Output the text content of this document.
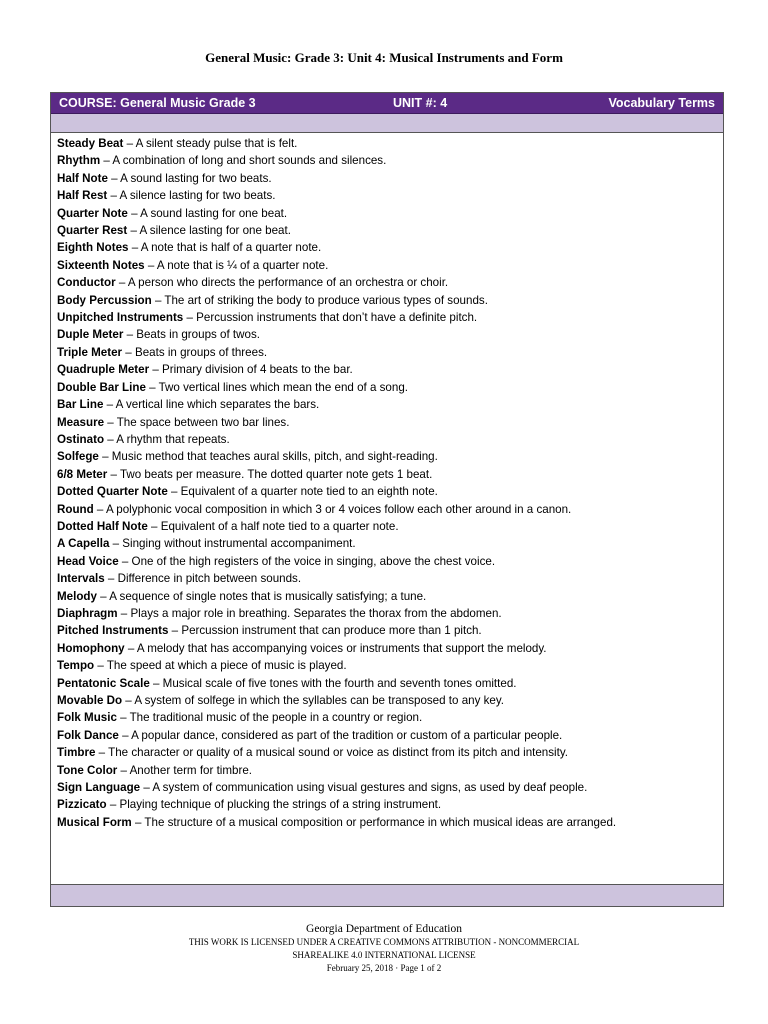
General Music: Grade 3: Unit 4: Musical Instruments and Form
COURSE: General Music Grade 3	UNIT #: 4	Vocabulary Terms
Steady Beat – A silent steady pulse that is felt.
Rhythm – A combination of long and short sounds and silences.
Half Note – A sound lasting for two beats.
Half Rest – A silence lasting for two beats.
Quarter Note – A sound lasting for one beat.
Quarter Rest – A silence lasting for one beat.
Eighth Notes – A note that is half of a quarter note.
Sixteenth Notes – A note that is ¼ of a quarter note.
Conductor – A person who directs the performance of an orchestra or choir.
Body Percussion – The art of striking the body to produce various types of sounds.
Unpitched Instruments – Percussion instruments that don’t have a definite pitch.
Duple Meter – Beats in groups of twos.
Triple Meter – Beats in groups of threes.
Quadruple Meter – Primary division of 4 beats to the bar.
Double Bar Line – Two vertical lines which mean the end of a song.
Bar Line – A vertical line which separates the bars.
Measure – The space between two bar lines.
Ostinato – A rhythm that repeats.
Solfege – Music method that teaches aural skills, pitch, and sight-reading.
6/8 Meter – Two beats per measure. The dotted quarter note gets 1 beat.
Dotted Quarter Note – Equivalent of a quarter note tied to an eighth note.
Round – A polyphonic vocal composition in which 3 or 4 voices follow each other around in a canon.
Dotted Half Note – Equivalent of a half note tied to a quarter note.
A Capella – Singing without instrumental accompaniment.
Head Voice – One of the high registers of the voice in singing, above the chest voice.
Intervals – Difference in pitch between sounds.
Melody – A sequence of single notes that is musically satisfying; a tune.
Diaphragm – Plays a major role in breathing. Separates the thorax from the abdomen.
Pitched Instruments – Percussion instrument that can produce more than 1 pitch.
Homophony – A melody that has accompanying voices or instruments that support the melody.
Tempo – The speed at which a piece of music is played.
Pentatonic Scale – Musical scale of five tones with the fourth and seventh tones omitted.
Movable Do – A system of solfege in which the syllables can be transposed to any key.
Folk Music – The traditional music of the people in a country or region.
Folk Dance – A popular dance, considered as part of the tradition or custom of a particular people.
Timbre – The character or quality of a musical sound or voice as distinct from its pitch and intensity.
Tone Color – Another term for timbre.
Sign Language – A system of communication using visual gestures and signs, as used by deaf people.
Pizzicato – Playing technique of plucking the strings of a string instrument.
Musical Form – The structure of a musical composition or performance in which musical ideas are arranged.
Georgia Department of Education
THIS WORK IS LICENSED UNDER A CREATIVE COMMONS ATTRIBUTION - NONCOMMERCIAL
SHAREALIKE 4.0 INTERNATIONAL LICENSE
February 25, 2018 · Page 1 of 2
